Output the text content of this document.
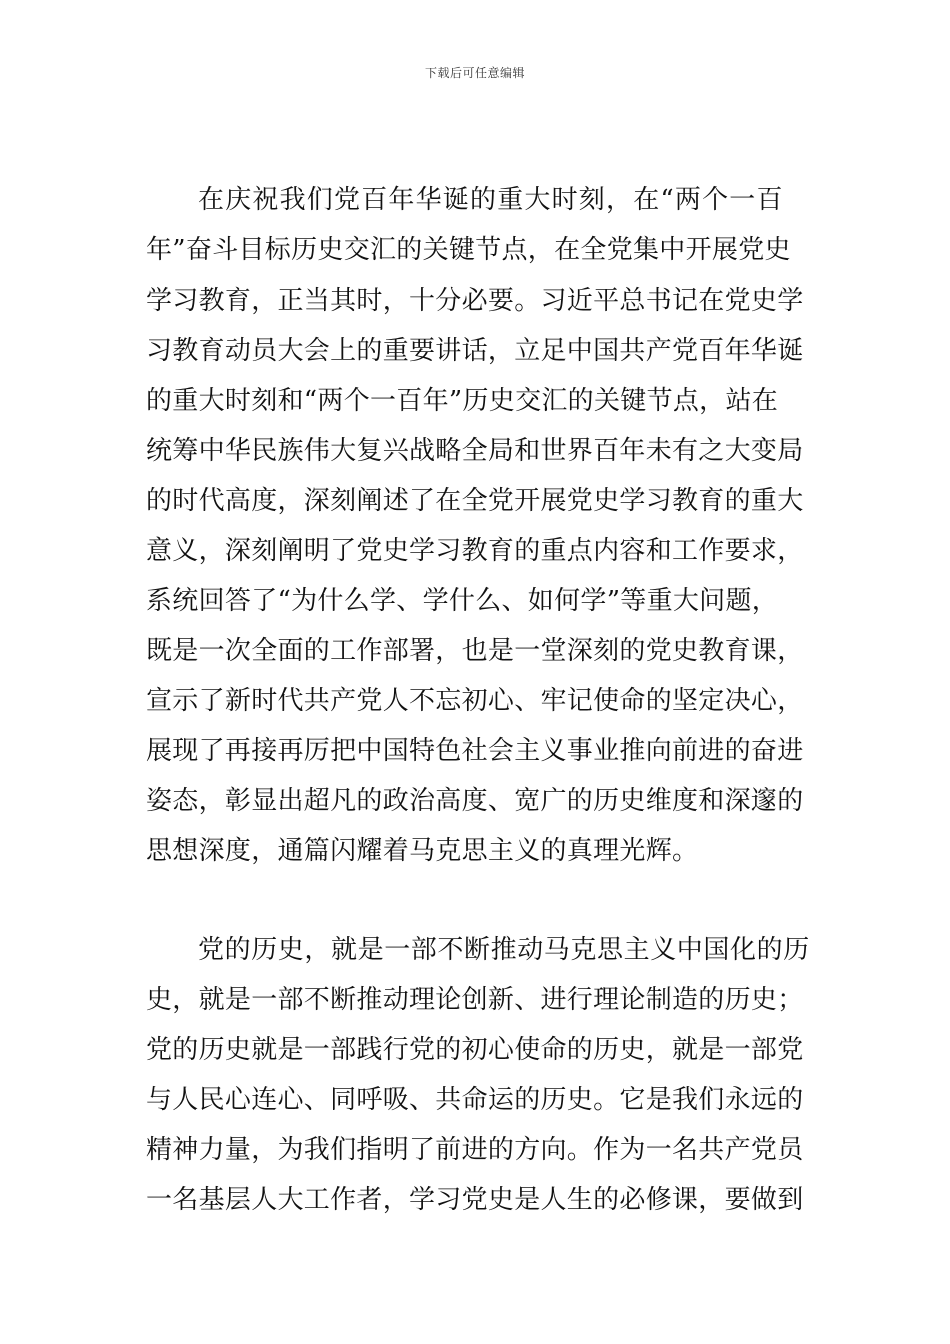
下载后可任意编辑
在庆祝我们党百年华诞的重大时刻，在“两个一百
年”奋斗目标历史交汇的关键节点，在全党集中开展党史
学习教育，正当其时，十分必要。习近平总书记在党史学
习教育动员大会上的重要讲话，立足中国共产党百年华诞
的重大时刻和“两个一百年”历史交汇的关键节点，站在
统筹中华民族伟大复兴战略全局和世界百年未有之大变局
的时代高度，深刻阐述了在全党开展党史学习教育的重大
意义，深刻阐明了党史学习教育的重点内容和工作要求，
系统回答了“为什么学、学什么、如何学”等重大问题，
既是一次全面的工作部署，也是一堂深刻的党史教育课，
宣示了新时代共产党人不忘初心、牢记使命的坚定决心，
展现了再接再厉把中国特色社会主义事业推向前进的奋进
姿态，彰显出超凡的政治高度、宽广的历史维度和深邃的
思想深度，通篇闪耀着马克思主义的真理光辉。
党的历史，就是一部不断推动马克思主义中国化的历
史，就是一部不断推动理论创新、进行理论制造的历史；
党的历史就是一部践行党的初心使命的历史，就是一部党
与人民心连心、同呼吸、共命运的历史。它是我们永远的
精神力量，为我们指明了前进的方向。作为一名共产党员
一名基层人大工作者，学习党史是人生的必修课，要做到
